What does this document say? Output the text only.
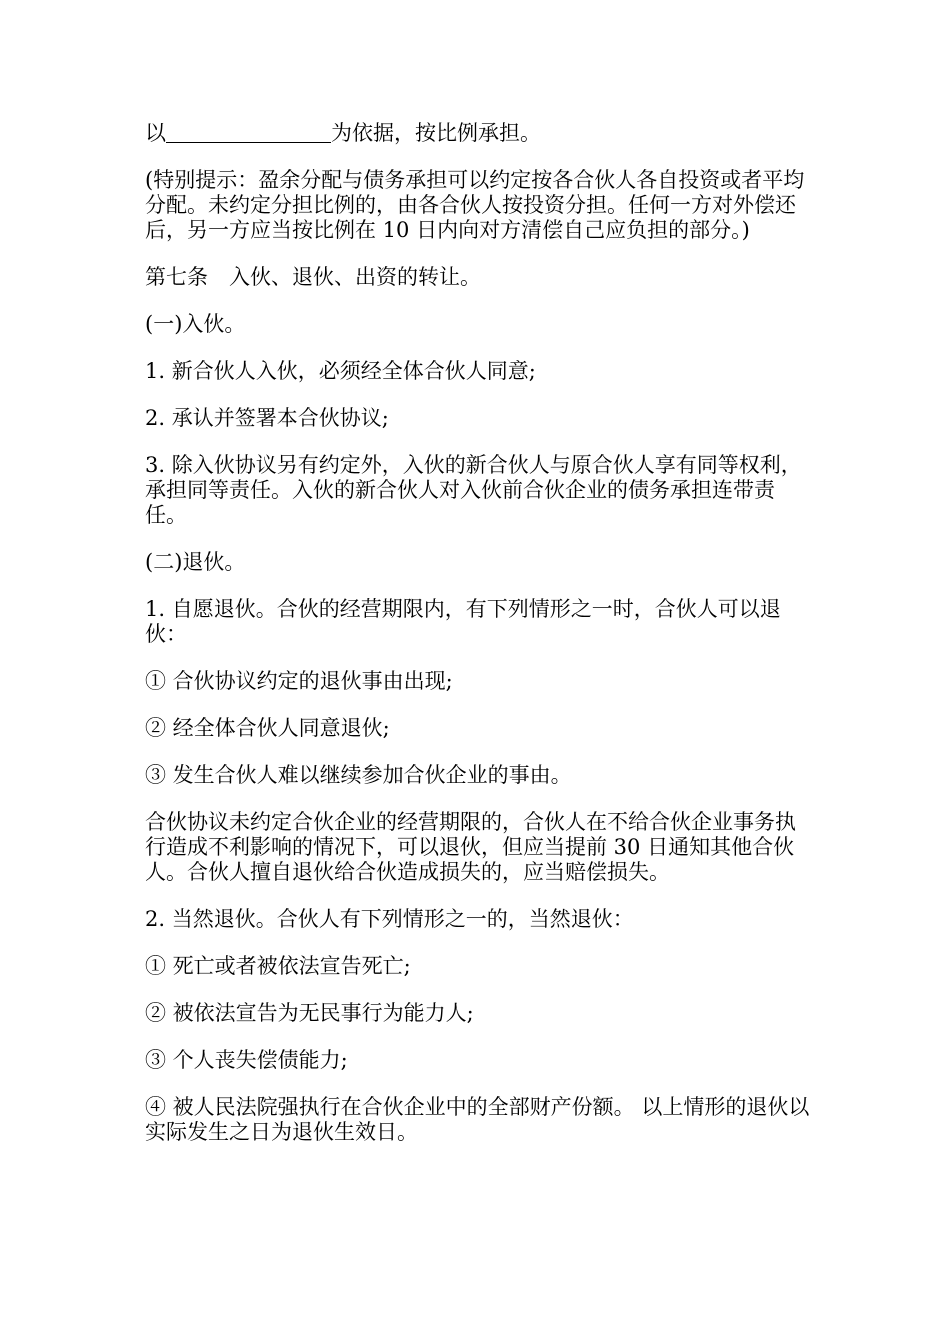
以	为依据，按比例承担。

(特别提示：盈余分配与债务承担可以约定按各合伙人各自投资或者平均分配。未约定分担比例的，由各合伙人按投资分担。任何一方对外偿还后，另一方应当按比例在 10 日内向对方清偿自己应负担的部分。)

第七条　入伙、退伙、出资的转让。

(一)入伙。

1. 新合伙人入伙，必须经全体合伙人同意;

2. 承认并签署本合伙协议;

3. 除入伙协议另有约定外，入伙的新合伙人与原合伙人享有同等权利，承担同等责任。入伙的新合伙人对入伙前合伙企业的债务承担连带责任。

(二)退伙。

1. 自愿退伙。合伙的经营期限内，有下列情形之一时，合伙人可以退伙：

① 合伙协议约定的退伙事由出现;

② 经全体合伙人同意退伙;

③ 发生合伙人难以继续参加合伙企业的事由。

合伙协议未约定合伙企业的经营期限的，合伙人在不给合伙企业事务执行造成不利影响的情况下，可以退伙，但应当提前 30 日通知其他合伙人。合伙人擅自退伙给合伙造成损失的，应当赔偿损失。

2. 当然退伙。合伙人有下列情形之一的，当然退伙：

① 死亡或者被依法宣告死亡;

② 被依法宣告为无民事行为能力人;

③ 个人丧失偿债能力;

④ 被人民法院强执行在合伙企业中的全部财产份额。 以上情形的退伙以实际发生之日为退伙生效日。
